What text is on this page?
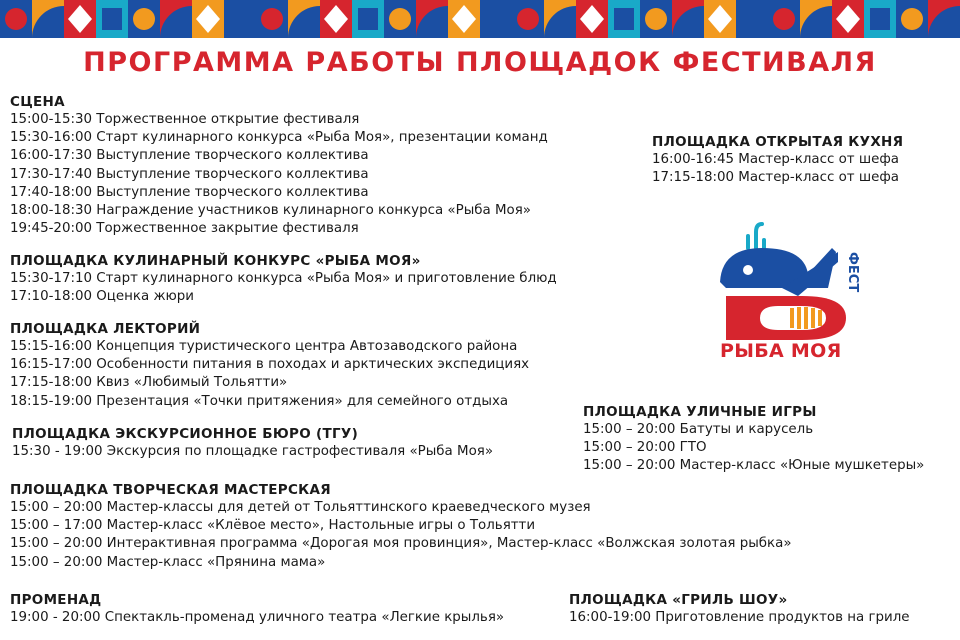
ПРОГРАММА РАБОТЫ ПЛОЩАДОК ФЕСТИВАЛЯ
СЦЕНА
15:00-15:30 Торжественное открытие фестиваля
15:30-16:00 Старт кулинарного конкурса «Рыба Моя», презентации команд
16:00-17:30 Выступление творческого коллектива
17:30-17:40 Выступление творческого коллектива
17:40-18:00 Выступление творческого коллектива
18:00-18:30 Награждение участников кулинарного конкурса «Рыба Моя»
19:45-20:00 Торжественное закрытие фестиваля
ПЛОЩАДКА КУЛИНАРНЫЙ КОНКУРС «РЫБА МОЯ»
15:30-17:10 Старт кулинарного конкурса «Рыба Моя» и приготовление блюд
17:10-18:00 Оценка жюри
ПЛОЩАДКА ЛЕКТОРИЙ
15:15-16:00 Концепция туристического центра Автозаводского района
16:15-17:00 Особенности питания в походах и арктических экспедициях
17:15-18:00 Квиз «Любимый Тольятти»
18:15-19:00 Презентация «Точки притяжения» для семейного отдыха
ПЛОЩАДКА ЭКСКУРСИОННОЕ БЮРО (ТГУ)
15:30 - 19:00 Экскурсия по площадке гастрофестиваля «Рыба Моя»
ПЛОЩАДКА ТВОРЧЕСКАЯ МАСТЕРСКАЯ
15:00 – 20:00 Мастер-классы для детей от Тольяттинского краеведческого музея
15:00 – 17:00 Мастер-класс «Клёвое место», Настольные игры о Тольятти
15:00 – 20:00 Интерактивная программа «Дорогая моя провинция», Мастер-класс «Волжская золотая рыбка»
15:00 – 20:00 Мастер-класс «Прянина мама»
ПРОМЕНАД
19:00 - 20:00 Спектакль-променад уличного театра «Легкие крылья»
ПЛОЩАДКА ОТКРЫТАЯ КУХНЯ
16:00-16:45 Мастер-класс от шефа
17:15-18:00 Мастер-класс от шефа
ПЛОЩАДКА УЛИЧНЫЕ ИГРЫ
15:00 – 20:00 Батуты и карусель
15:00 – 20:00 ГТО
15:00 – 20:00 Мастер-класс «Юные мушкетеры»
ПЛОЩАДКА «ГРИЛЬ ШОУ»
16:00-19:00 Приготовление продуктов на гриле
ФЕСТ
РЫБА МОЯ
